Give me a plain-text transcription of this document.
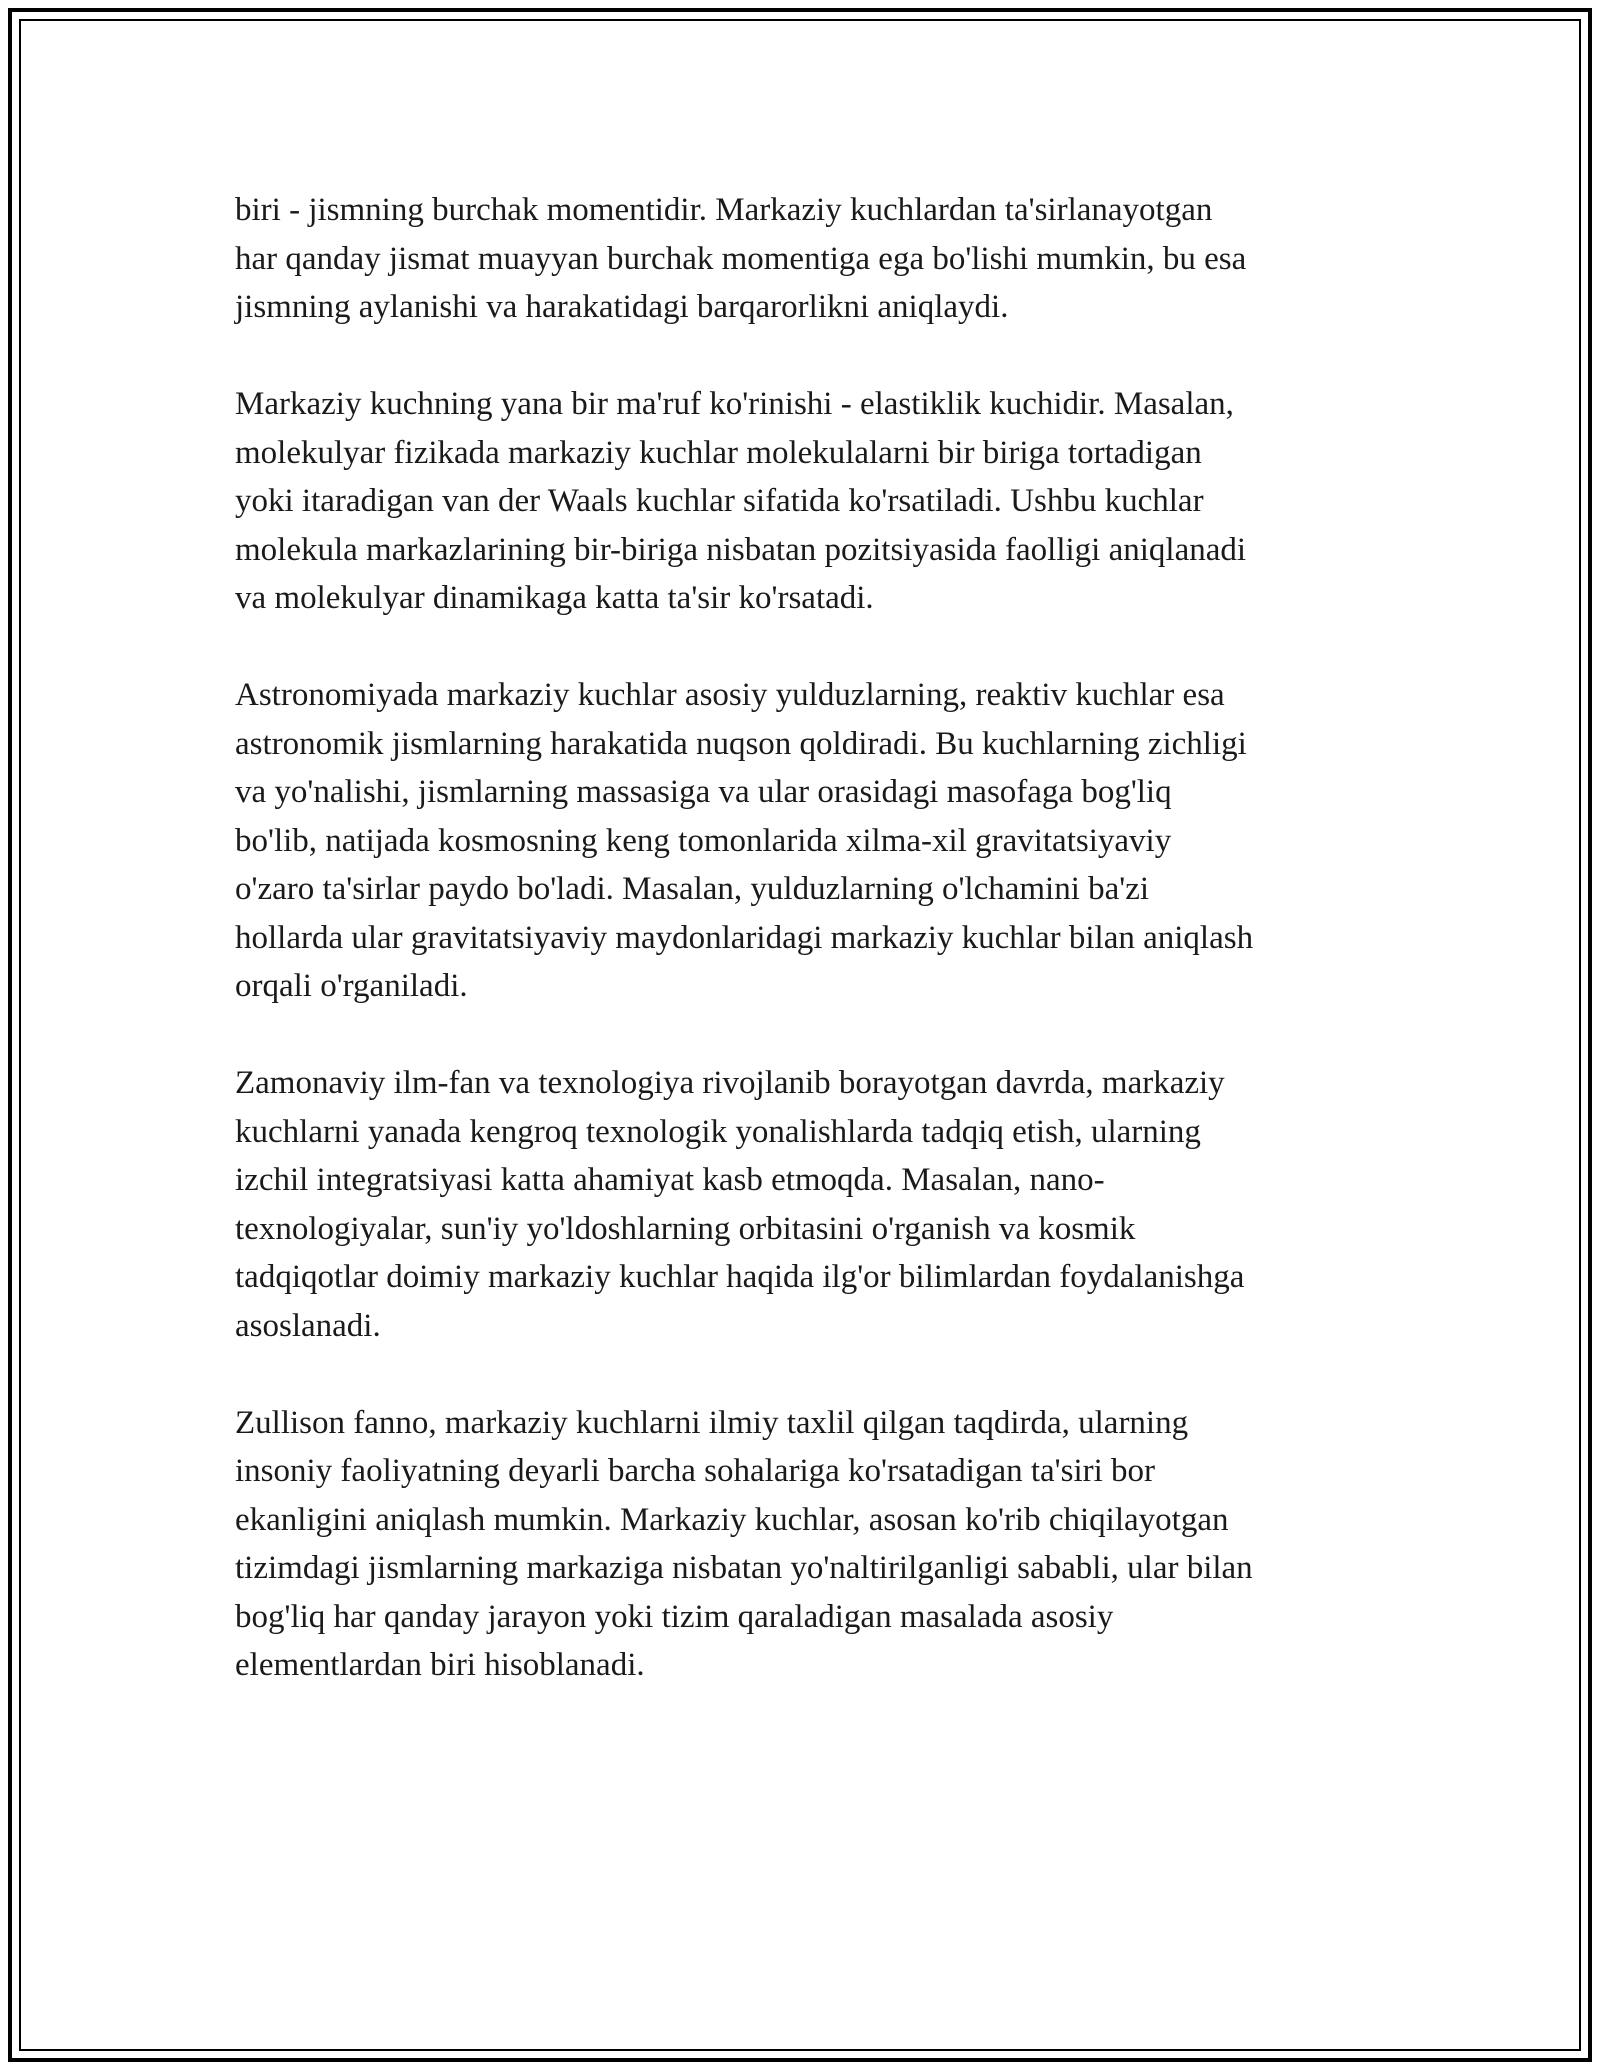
biri - jismning burchak momentidir. Markaziy kuchlardan ta'sirlanayotgan
har qanday jismat muayyan burchak momentiga ega bo'lishi mumkin, bu esa
jismning aylanishi va harakatidagi barqarorlikni aniqlaydi.

Markaziy kuchning yana bir ma'ruf ko'rinishi - elastiklik kuchidir. Masalan,
molekulyar fizikada markaziy kuchlar molekulalarni bir biriga tortadigan
yoki itaradigan van der Waals kuchlar sifatida ko'rsatiladi. Ushbu kuchlar
molekula markazlarining bir-biriga nisbatan pozitsiyasida faolligi aniqlanadi
va molekulyar dinamikaga katta ta'sir ko'rsatadi.

Astronomiyada markaziy kuchlar asosiy yulduzlarning, reaktiv kuchlar esa
astronomik jismlarning harakatida nuqson qoldiradi. Bu kuchlarning zichligi
va yo'nalishi, jismlarning massasiga va ular orasidagi masofaga bog'liq
bo'lib, natijada kosmosning keng tomonlarida xilma-xil gravitatsiyaviy
o'zaro ta'sirlar paydo bo'ladi. Masalan, yulduzlarning o'lchamini ba'zi
hollarda ular gravitatsiyaviy maydonlaridagi markaziy kuchlar bilan aniqlash
orqali o'rganiladi.

Zamonaviy ilm-fan va texnologiya rivojlanib borayotgan davrda, markaziy
kuchlarni yanada kengroq texnologik yonalishlarda tadqiq etish, ularning
izchil integratsiyasi katta ahamiyat kasb etmoqda. Masalan, nano-
texnologiyalar, sun'iy yo'ldoshlarning orbitasini o'rganish va kosmik
tadqiqotlar doimiy markaziy kuchlar haqida ilg'or bilimlardan foydalanishga
asoslanadi.

Zullison fanno, markaziy kuchlarni ilmiy taxlil qilgan taqdirda, ularning
insoniy faoliyatning deyarli barcha sohalariga ko'rsatadigan ta'siri bor
ekanligini aniqlash mumkin. Markaziy kuchlar, asosan ko'rib chiqilayotgan
tizimdagi jismlarning markaziga nisbatan yo'naltirilganligi sababli, ular bilan
bog'liq har qanday jarayon yoki tizim qaraladigan masalada asosiy
elementlardan biri hisoblanadi.
